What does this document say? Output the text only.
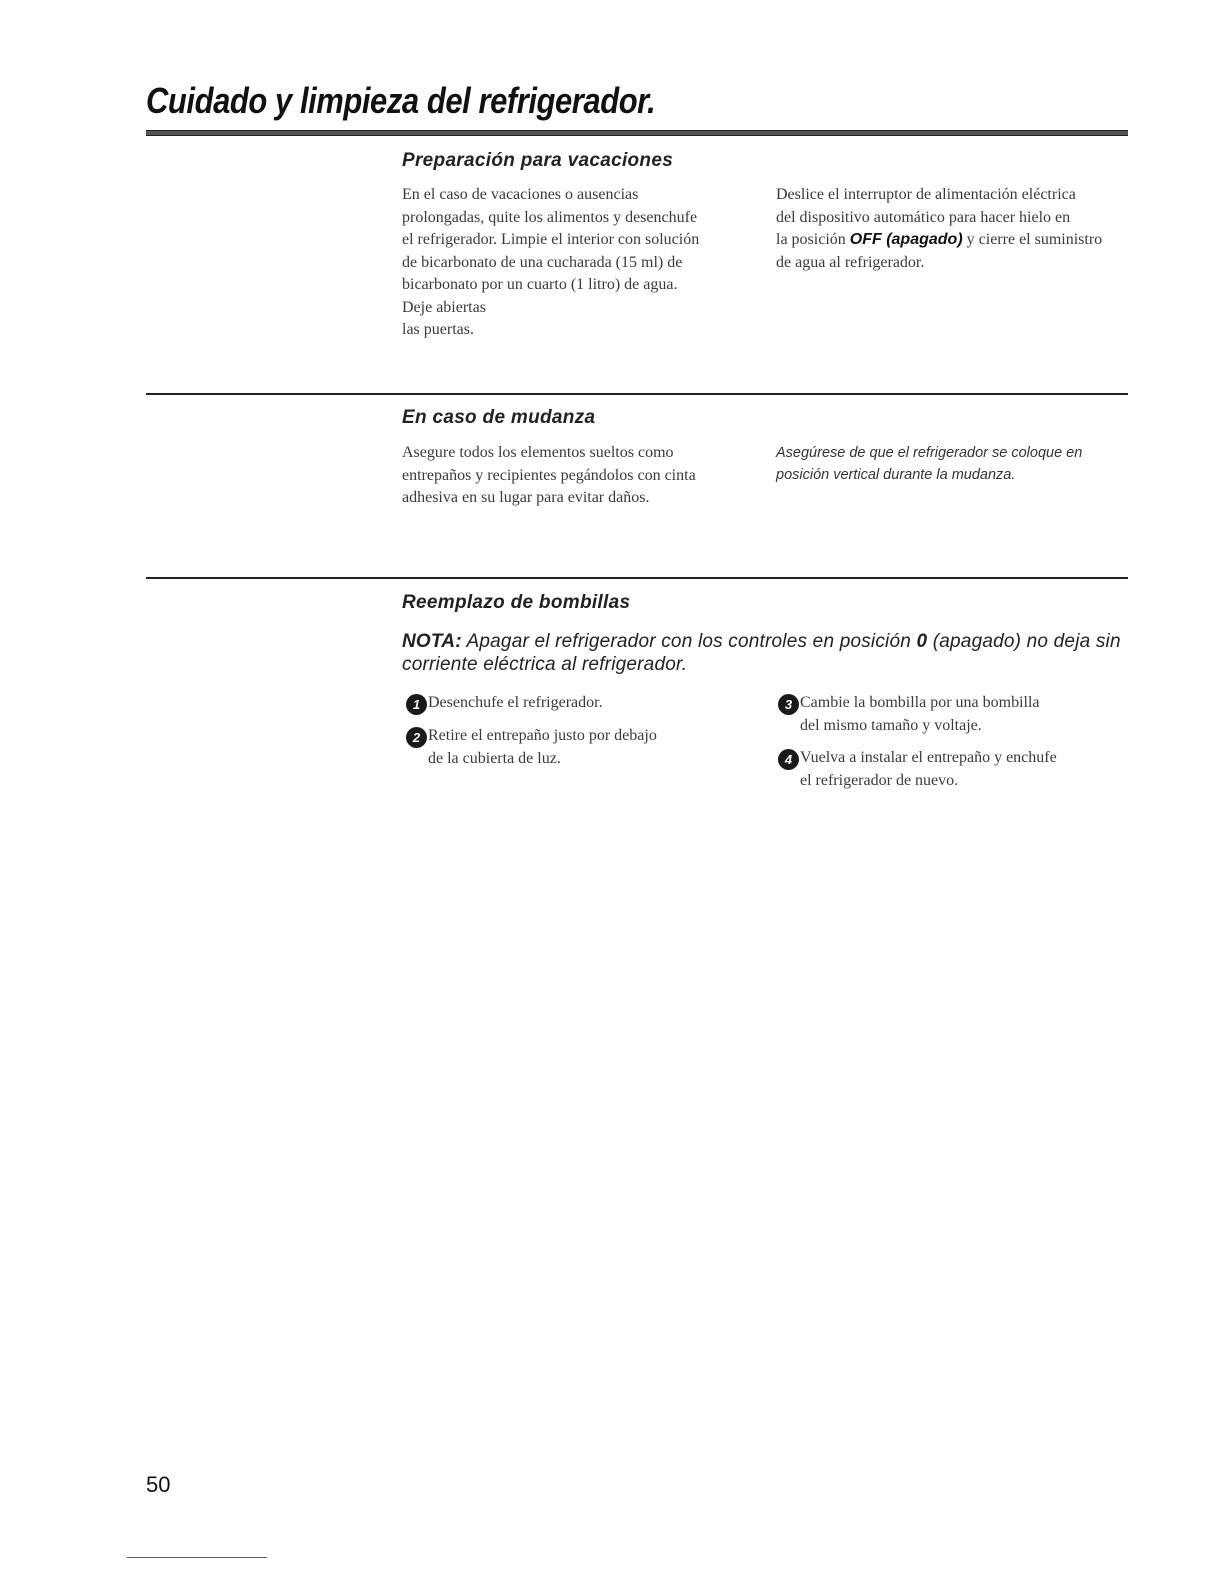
Cuidado y limpieza del refrigerador.
Preparación para vacaciones

En el caso de vacaciones o ausencias

prolongadas, quite los alimentos y desenchufe

el refrigerador. Limpie el interior con solución

de bicarbonato de una cucharada (15 ml) de

bicarbonato por un cuarto (1 litro) de agua.

Deje abiertas

las puertas.

Deslice el interruptor de alimentación eléctrica

del dispositivo automático para hacer hielo en

la posición OFF (apagado) y cierre el suministro

de agua al refrigerador.

En caso de mudanza

Asegure todos los elementos sueltos como

entrepaños y recipientes pegándolos con cinta

adhesiva en su lugar para evitar daños.

Asegúrese de que el refrigerador se coloque en

posición vertical durante la mudanza.

Reemplazo de bombillas
NOTA: Apagar el refrigerador con los controles en posición 0 (apagado) no deja sin
corriente eléctrica al refrigerador.
1 Desenchufe el refrigerador.
2 Retire el entrepaño justo por debajo
de la cubierta de luz.
3 Cambie la bombilla por una bombilla
del mismo tamaño y voltaje.
4 Vuelva a instalar el entrepaño y enchufe
el refrigerador de nuevo.
50
